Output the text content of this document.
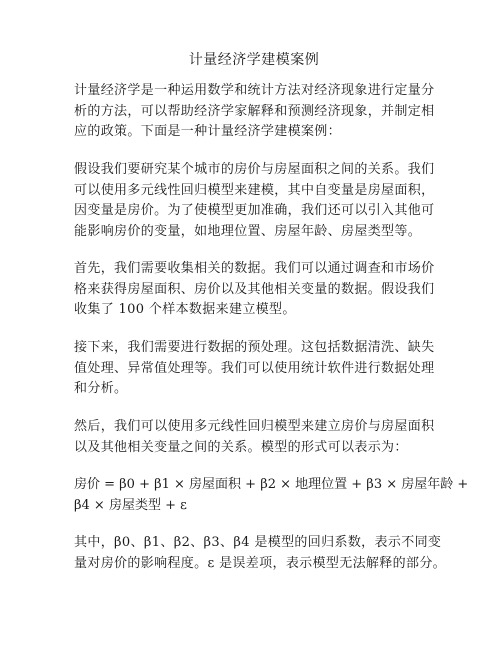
计量经济学建模案例

计量经济学是一种运用数学和统计方法对经济现象进行定量分
析的方法，可以帮助经济学家解释和预测经济现象，并制定相
应的政策。下面是一种计量经济学建模案例：

假设我们要研究某个城市的房价与房屋面积之间的关系。我们
可以使用多元线性回归模型来建模，其中自变量是房屋面积，
因变量是房价。为了使模型更加准确，我们还可以引入其他可
能影响房价的变量，如地理位置、房屋年龄、房屋类型等。

首先，我们需要收集相关的数据。我们可以通过调查和市场价
格来获得房屋面积、房价以及其他相关变量的数据。假设我们
收集了 100 个样本数据来建立模型。

接下来，我们需要进行数据的预处理。这包括数据清洗、缺失
值处理、异常值处理等。我们可以使用统计软件进行数据处理
和分析。

然后，我们可以使用多元线性回归模型来建立房价与房屋面积
以及其他相关变量之间的关系。模型的形式可以表示为：

房价 = β0 + β1 × 房屋面积 + β2 × 地理位置 + β3 × 房屋年龄 +
β4 × 房屋类型 + ε

其中，β0、β1、β2、β3、β4 是模型的回归系数，表示不同变
量对房价的影响程度。ε 是误差项，表示模型无法解释的部分。
